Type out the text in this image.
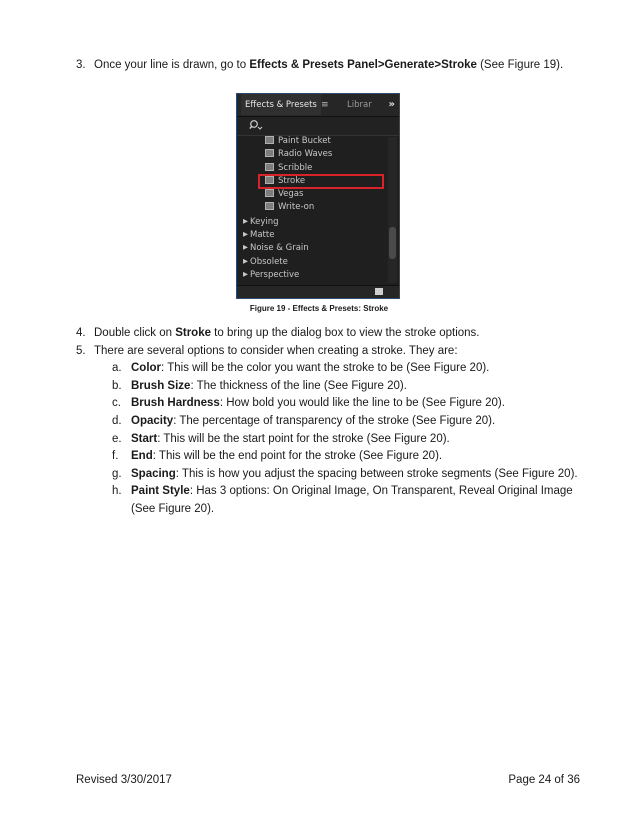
3. Once your line is drawn, go to Effects & Presets Panel>Generate>Stroke (See Figure 19).
Effects & Presets ≡ Librar »
Paint Bucket
Radio Waves
Scribble
Stroke
Vegas
Write-on
▶ Keying
▶ Matte
▶ Noise & Grain
▶ Obsolete
▶ Perspective
Figure 19 - Effects & Presets: Stroke
4. Double click on Stroke to bring up the dialog box to view the stroke options.
5. There are several options to consider when creating a stroke. They are:
a. Color: This will be the color you want the stroke to be (See Figure 20).
b. Brush Size: The thickness of the line (See Figure 20).
c. Brush Hardness: How bold you would like the line to be (See Figure 20).
d. Opacity: The percentage of transparency of the stroke (See Figure 20).
e. Start: This will be the start point for the stroke (See Figure 20).
f. End: This will be the end point for the stroke (See Figure 20).
g. Spacing: This is how you adjust the spacing between stroke segments (See Figure 20).
h. Paint Style: Has 3 options: On Original Image, On Transparent, Reveal Original Image
(See Figure 20).
Revised 3/30/2017	Page 24 of 36
